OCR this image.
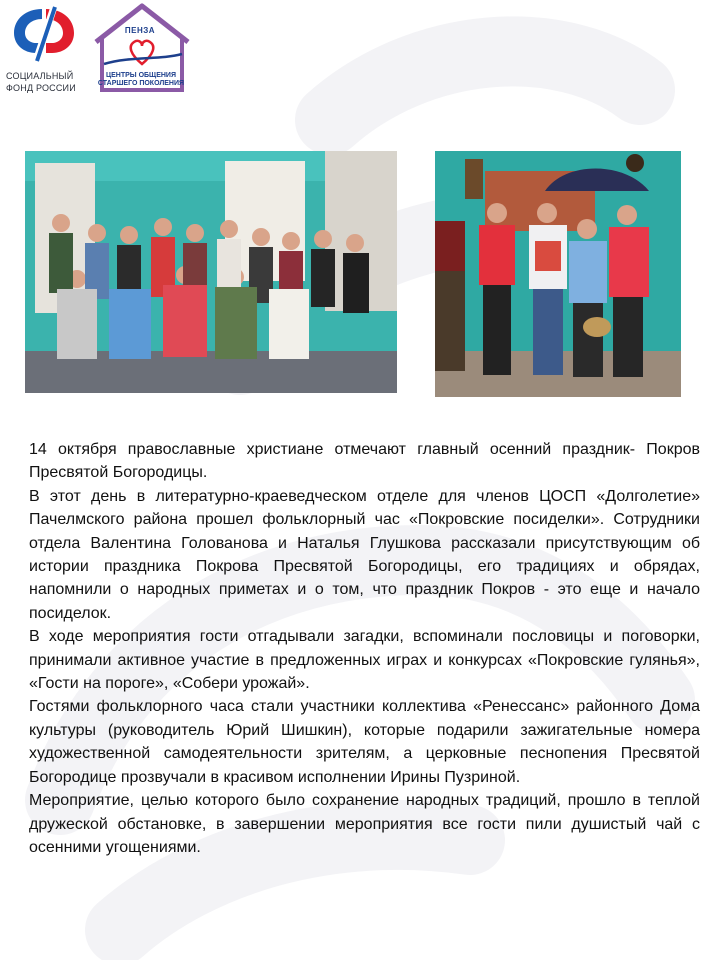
СОЦИАЛЬНЫЙ
ФОНД РОССИИ
ПЕНЗА
ЦЕНТРЫ ОБЩЕНИЯ
СТАРШЕГО ПОКОЛЕНИЯ

14 октября православные христиане отмечают главный осенний праздник- Покров Пресвятой Богородицы.

В этот день в литературно-краеведческом отделе для членов ЦОСП «Долголетие» Пачелмского района прошел фольклорный час «Покровские посиделки». Сотрудники отдела Валентина Голованова и Наталья Глушкова рассказали присутствующим об истории праздника Покрова Пресвятой Богородицы, его традициях и обрядах, напомнили о народных приметах и о том, что праздник Покров - это еще и начало посиделок.

В ходе мероприятия гости отгадывали загадки, вспоминали пословицы и поговорки, принимали активное участие в предложенных играх и конкурсах «Покровские гулянья», «Гости на пороге», «Собери урожай».

Гостями фольклорного часа стали участники коллектива «Ренессанс» районного Дома культуры (руководитель Юрий Шишкин), которые подарили зажигательные номера художественной самодеятельности зрителям, а церковные песнопения Пресвятой Богородице прозвучали в красивом исполнении Ирины Пузриной.

Мероприятие, целью которого было сохранение народных традиций, прошло в теплой дружеской обстановке, в завершении мероприятия все гости пили душистый чай с осенними угощениями.
